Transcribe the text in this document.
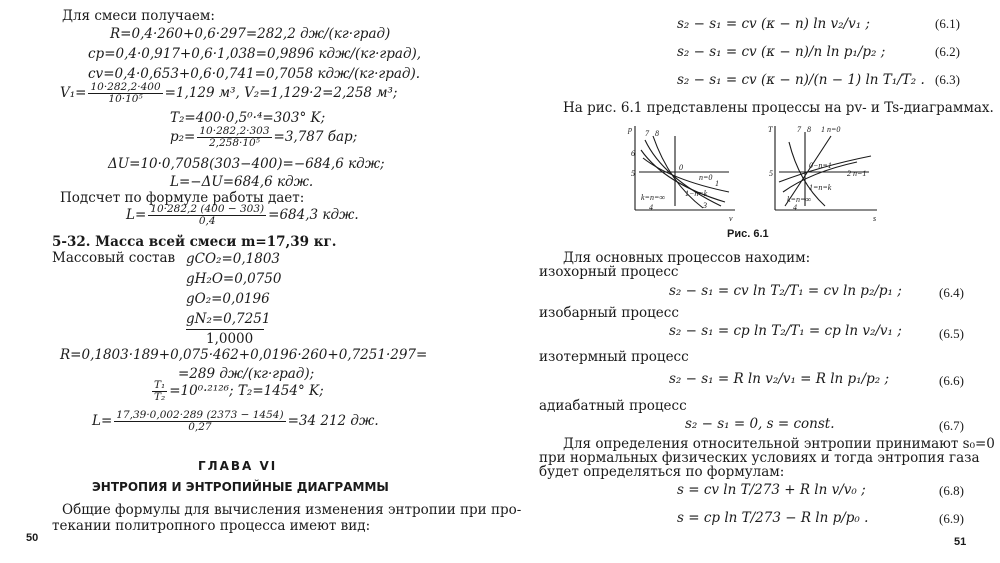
Для смеси получаем:
R=0,4·260+0,6·297=282,2 дж/(кг·град)
cp=0,4·0,917+0,6·1,038=0,9896 кдж/(кг·град),
cv=0,4·0,653+0,6·0,741=0,7058 кдж/(кг·град).
$V_1= \frac{10\cdot 282,2\cdot 400}{\text{10·10⁵}} =1,129$ м³, V₂=1,129·2=2,258 м³;
T₂=400·0,5⁰·⁴=303° K;
$p_2= \frac{10\cdot 282,2\cdot 303}{\text{2,258·10⁵}} =3,787$ бар;
ΔU=10·0,7058(303−400)=−684,6 кдж;
L=−ΔU=684,6 кдж.
Подсчет по формуле работы дает:
$L= \frac{10\cdot 282,2 (400 - 303)}{0,4} =684,3$ кдж.
5-32. Масса всей смеси m=17,39 кг.
Массовый состав gCO₂=0,1803
gH₂O=0,0750
gO₂=0,0196
gN₂=0,7251
1,0000
R=0,1803·189+0,075·462+0,0196·260+0,7251·297=
=289 дж/(кг·град);
$\frac{\text{T₁}}{\text{T₂}} =10^0\cdot^{2126}$; T₂=1454° K;
$L= \frac{17,39\cdot 0,002\cdot 289 (2373 - 1454)}{0,27} =34$ 212 дж.
ГЛАВА VI
ЭНТРОПИЯ И ЭНТРОПИЙНЫЕ ДИАГРАММЫ
Общие формулы для вычисления изменения энтропии при про-
текании политропного процесса имеют вид:
50
s₂ − s₁ = cv (κ − n) ln v₂/v₁ ;	(6.1)
s₂ − s₁ = cv (κ − n)/n ln p₁/p₂ ;	(6.2)
s₂ − s₁ = cv (κ − n)/(n − 1) ln T₁/T₂ . (6.3)
На рис. 6.1 представлены процессы на pv- и Ts-диаграммах.
p
v
6
7 8
0
n=0
5
1
k=n=∞ 1−n=k
4	3
T
s
7 8 1 n=0
0−n=1
2 n=1
5
1=n=k
k=n=∞
4
Рис. 6.1
Для основных процессов находим:
изохорный процесс
s₂ − s₁ = cv ln T₂/T₁ = cv ln p₂/p₁ ;	(6.4)
изобарный процесс
s₂ − s₁ = cp ln T₂/T₁ = cp ln v₂/v₁ ;	(6.5)
изотермный процесс
s₂ − s₁ = R ln v₂/v₁ = R ln p₁/p₂ ;	(6.6)
адиабатный процесс
s₂ − s₁ = 0, s = const.	(6.7)
Для определения относительной энтропии принимают s₀=0
при нормальных физических условиях и тогда энтропия газа
будет определяться по формулам:
s = cv ln T/273 + R ln v/v₀ ;	(6.8)
s = cp ln T/273 − R ln p/p₀ .	(6.9)
51
